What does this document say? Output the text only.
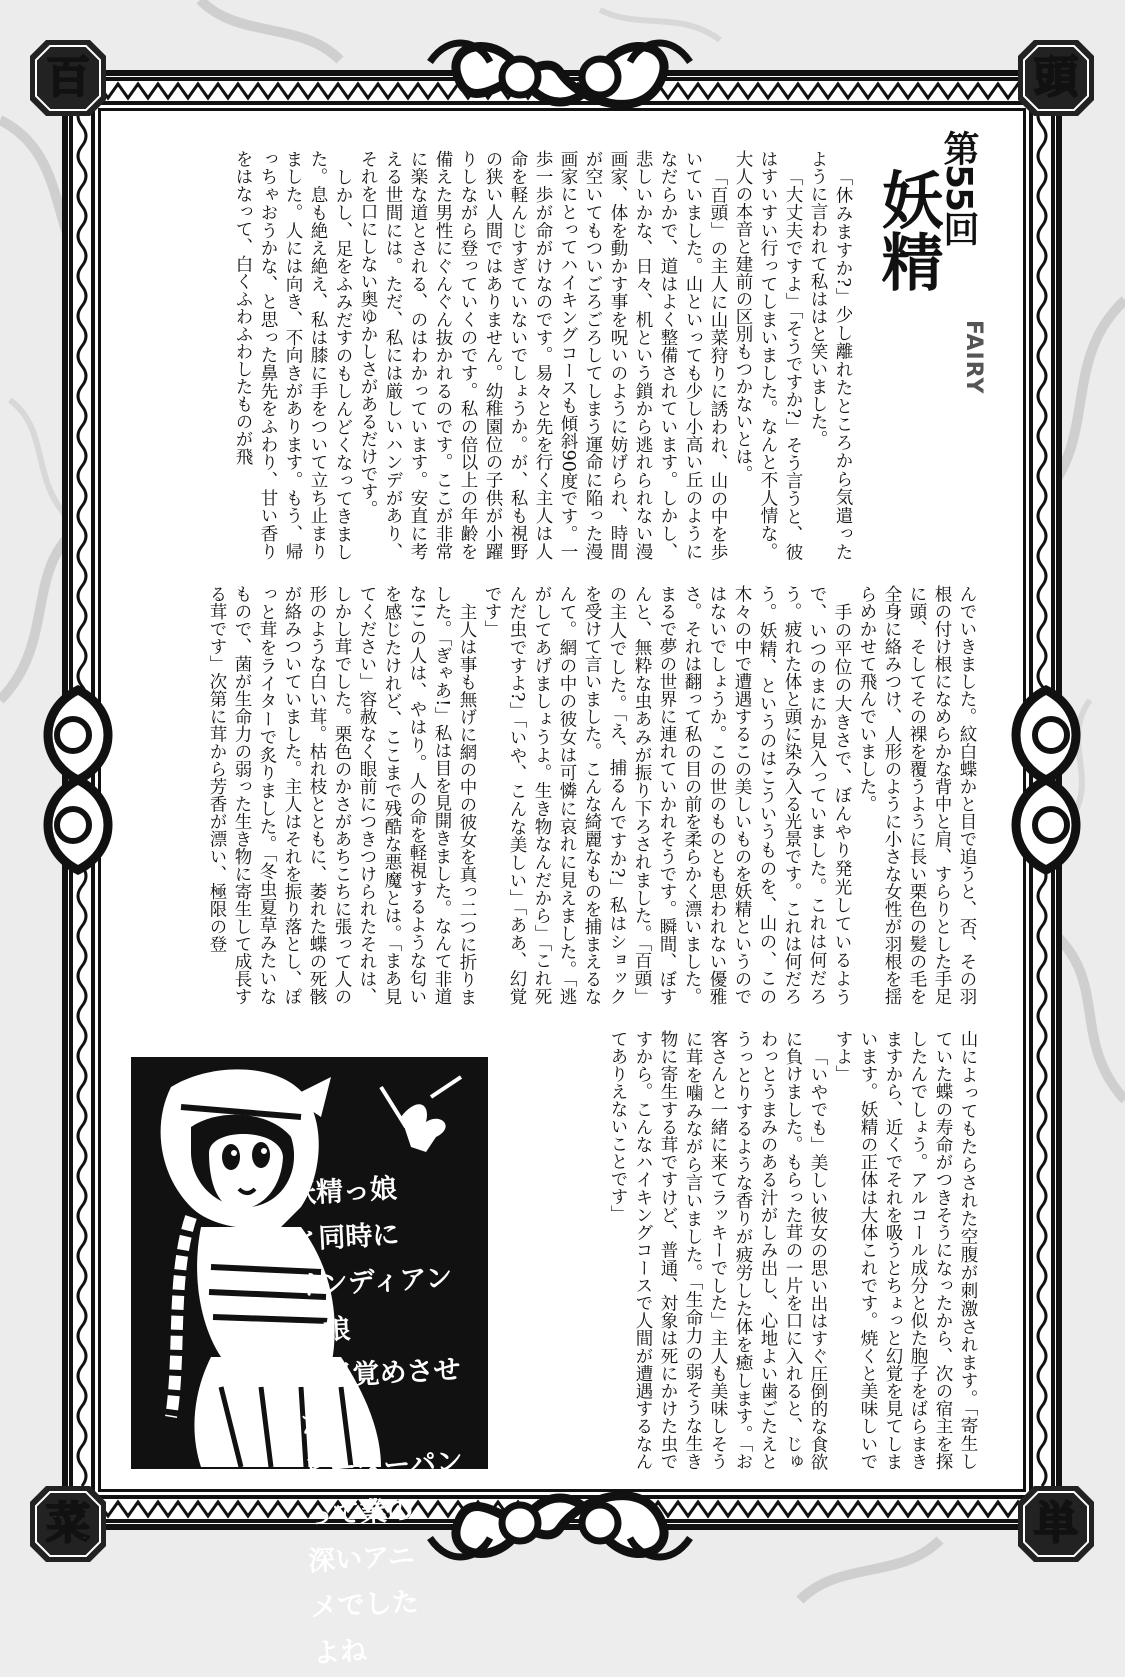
百	頭
菜	単
第55回
妖精
FAIRY

「休みますか?」少し離れたところから気遣ったように言われて私ははと笑いました。

「大丈夫ですよ」「そうですか?」そう言うと、彼はすいすい行ってしまいました。なんと不人情な。大人の本音と建前の区別もつかないとは。

「百頭」の主人に山菜狩りに誘われ、山の中を歩いていました。山といっても少し小高い丘のようになだらかで、道はよく整備されています。しかし、悲しいかな、日々、机という鎖から逃れられない漫画家、体を動かす事を呪いのように妨げられ、時間が空いてもついごろごろしてしまう運命に陥った漫画家にとってハイキングコースも傾斜90度です。一歩一歩が命がけなのです。易々と先を行く主人は人命を軽んじすぎていないでしょうか。が、私も視野の狭い人間ではありません。幼稚園位の子供が小躍りしながら登っていくのです。私の倍以上の年齢を備えた男性にぐんぐん抜かれるのです。ここが非常に楽な道とされる、のはわかっています。安直に考える世間には。ただ、私には厳しいハンデがあり、それを口にしない奥ゆかしさがあるだけです。

しかし、足をふみだすのもしんどくなってきました。息も絶え絶え、私は膝に手をついて立ち止まりました。人には向き、不向きがあります。もう、帰っちゃおうかな、と思った鼻先をふわり、甘い香りをはなって、白くふわふわしたものが飛

んでいきました。紋白蝶かと目で追うと、否、その羽根の付け根になめらかな背中と肩、すらりとした手足に頭、そしてその裸を覆うように長い栗色の髪の毛を全身に絡みつけ、人形のように小さな女性が羽根を揺らめかせて飛んでいました。

手の平位の大きさで、ぼんやり発光しているようで、いつのまにか見入っていました。これは何だろう。疲れた体と頭に染み入る光景です。これは何だろう。妖精、というのはこういうものを、山の、この木々の中で遭遇するこの美しいものを妖精というのではないでしょうか。この世のものとも思われない優雅さ。それは翻って私の目の前を柔らかく漂いました。まるで夢の世界に連れていかれそうです。瞬間、ぼすんと、無粋な虫あみが振り下ろされました。「百頭」の主人でした。「え、捕るんですか?」私はショックを受けて言いました。こんな綺麗なものを捕まえるなんて。網の中の彼女は可憐に哀れに見えました。「逃がしてあげましょうよ。生き物なんだから」「これ死んだ虫ですよ?」「いや、こんな美しい」「ああ、幻覚です」

主人は事も無げに網の中の彼女を真っ二つに折りました。「ぎゃあ!」私は目を見開きました。なんて非道な!この人は、やはり。人の命を軽視するような匂いを感じたけれど、ここまで残酷な悪魔とは。「まあ見てください」容赦なく眼前につきつけられたそれは、しかし茸でした。栗色のかさがあちこちに張って人の形のような白い茸。枯れ枝とともに、萎れた蝶の死骸が絡みついていました。主人はそれを振り落とし、ぽっと茸をライターで炙りました。「冬虫夏草みたいなもので、菌が生命力の弱った生き物に寄生して成長する茸です」次第に茸から芳香が漂い、極限の登

山によってもたらされた空腹が刺激されます。「寄生していた蝶の寿命がつきそうになったから、次の宿主を探したんでしょう。アルコール成分と似た胞子をばらまきますから、近くでそれを吸うとちょっと幻覚を見てしまいます。妖精の正体は大体これです。焼くと美味しいですよ」

「いやでも」美しい彼女の思い出はすぐ圧倒的な食欲に負けました。もらった茸の一片を口に入れると、じゅわっとうまみのある汁がしみ出し、心地よい歯ごたえとうっとりするような香りが疲労した体を癒します。「お客さんと一緒に来てラッキーでした」主人も美味しそうに茸を噛みながら言いました。「生命力の弱そうな生き物に寄生する茸ですけど、普通、対象は死にかけた虫ですから。こんなハイキングコースで人間が遭遇するなんてありえないことです」

妖精っ娘
と同時に
インディアンっ娘
に目覚めさせた
ピーターパン
って業の
深いアニ
メでした
よね
